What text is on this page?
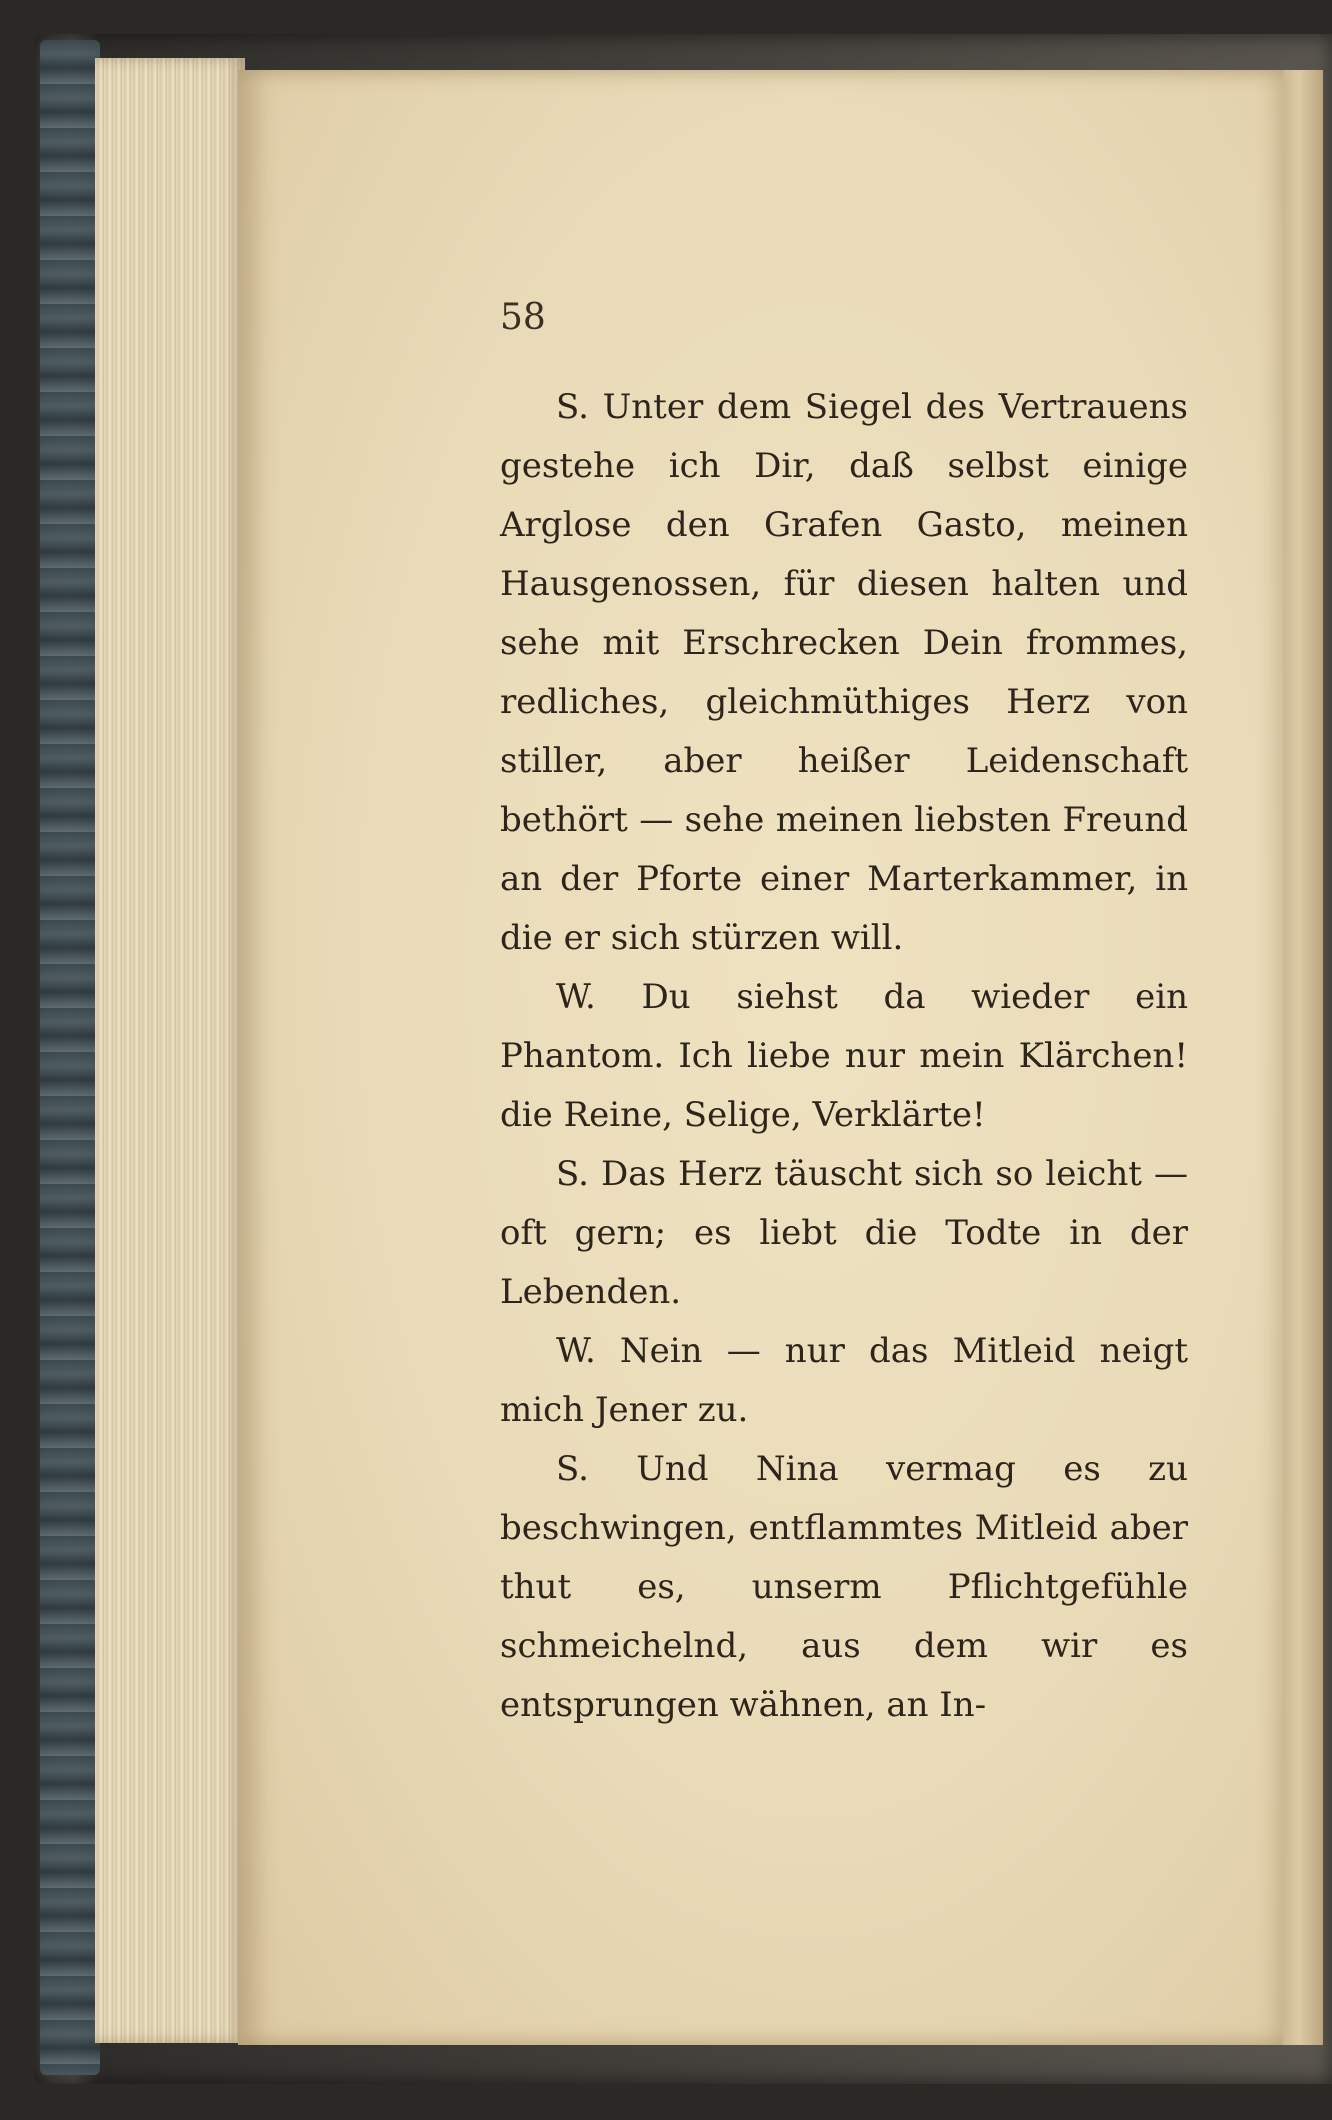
58

S. Unter dem Siegel des Vertrauens gestehe ich Dir, daß selbst einige Arglose den Grafen Gasto, meinen Hausgenossen, für diesen halten und sehe mit Erschrecken Dein frommes, redliches, gleichmüthiges Herz von stiller, aber heißer Leidenschaft bethört — sehe meinen liebsten Freund an der Pforte einer Marterkammer, in die er sich stürzen will.

W. Du siehst da wieder ein Phantom. Ich liebe nur mein Klärchen! die Reine, Selige, Verklärte!

S. Das Herz täuscht sich so leicht — oft gern; es liebt die Todte in der Lebenden.

W. Nein — nur das Mitleid neigt mich Jener zu.

S. Und Nina vermag es zu beschwingen, entflammtes Mitleid aber thut es, unserm Pflichtgefühle schmeichelnd, aus dem wir es entsprungen wähnen, an In-
